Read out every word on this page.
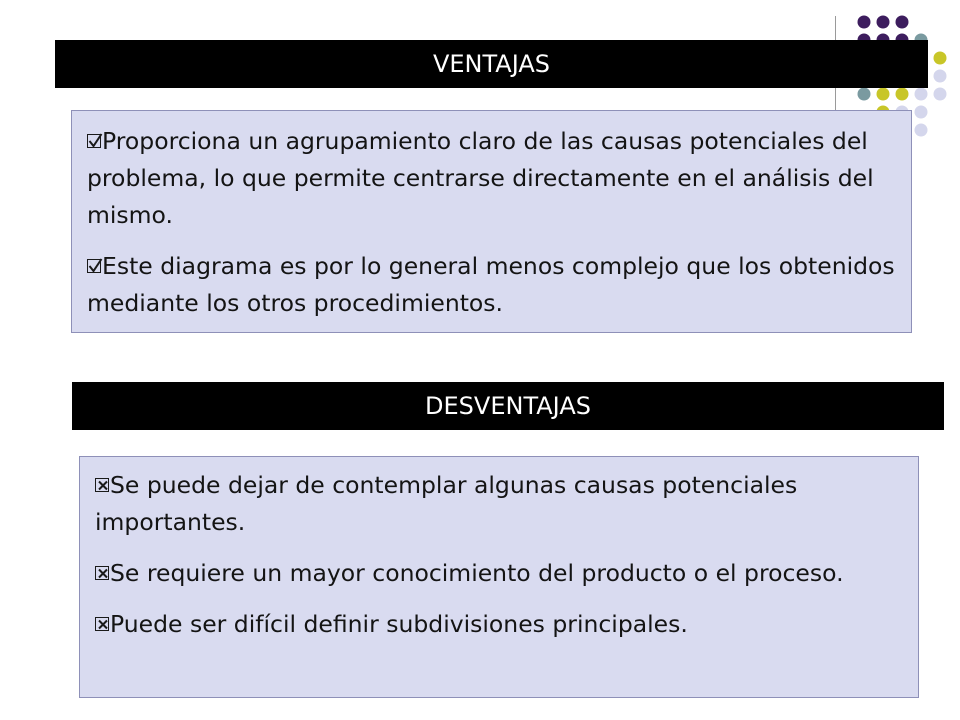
VENTAJAS

Proporciona un agrupamiento claro de las causas potenciales del problema, lo que permite centrarse directamente en el análisis del mismo.

Este diagrama es por lo general menos complejo que los obtenidos mediante los otros procedimientos.

DESVENTAJAS

Se puede dejar de contemplar algunas causas potenciales importantes.

Se requiere un mayor conocimiento del producto o el proceso.

Puede ser difícil definir subdivisiones principales.
